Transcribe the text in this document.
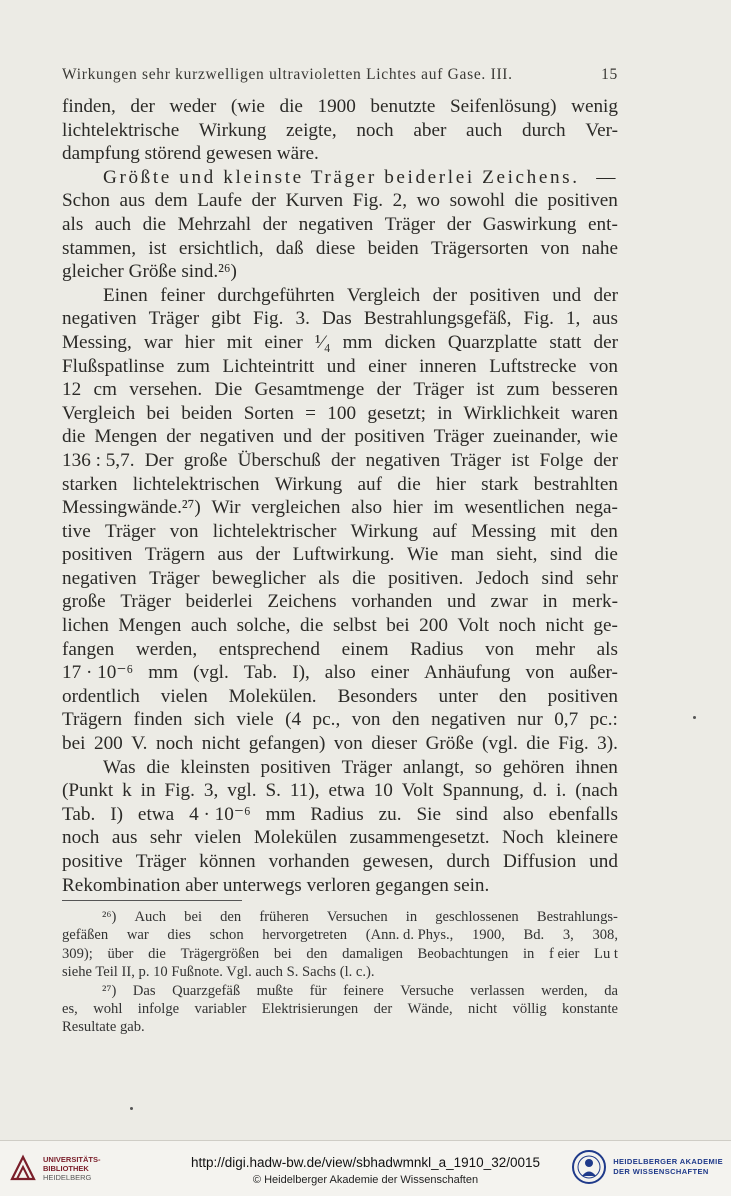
Wirkungen sehr kurzwelligen ultravioletten Lichtes auf Gase. III.	15
finden, der weder (wie die 1900 benutzte Seifenlösung) wenig
lichtelektrische Wirkung zeigte, noch aber auch durch Ver-
dampfung störend gewesen wäre.
Größte und kleinste Träger beiderlei Zeichens. —
Schon aus dem Laufe der Kurven Fig. 2, wo sowohl die positiven
als auch die Mehrzahl der negativen Träger der Gaswirkung ent-
stammen, ist ersichtlich, daß diese beiden Trägersorten von nahe
gleicher Größe sind.²⁶)
Einen feiner durchgeführten Vergleich der positiven und der
negativen Träger gibt Fig. 3. Das Bestrahlungsgefäß, Fig. 1, aus
Messing, war hier mit einer ¹⁄₄ mm dicken Quarzplatte statt der
Flußspatlinse zum Lichteintritt und einer inneren Luftstrecke von
12 cm versehen. Die Gesamtmenge der Träger ist zum besseren
Vergleich bei beiden Sorten = 100 gesetzt; in Wirklichkeit waren
die Mengen der negativen und der positiven Träger zueinander, wie
136 : 5,7. Der große Überschuß der negativen Träger ist Folge der
starken lichtelektrischen Wirkung auf die hier stark bestrahlten
Messingwände.²⁷) Wir vergleichen also hier im wesentlichen nega-
tive Träger von lichtelektrischer Wirkung auf Messing mit den
positiven Trägern aus der Luftwirkung. Wie man sieht, sind die
negativen Träger beweglicher als die positiven. Jedoch sind sehr
große Träger beiderlei Zeichens vorhanden und zwar in merk-
lichen Mengen auch solche, die selbst bei 200 Volt noch nicht ge-
fangen werden, entsprechend einem Radius von mehr als
17 · 10⁻⁶ mm (vgl. Tab. I), also einer Anhäufung von außer-
ordentlich vielen Molekülen. Besonders unter den positiven
Trägern finden sich viele (4 pc., von den negativen nur 0,7 pc.:
bei 200 V. noch nicht gefangen) von dieser Größe (vgl. die Fig. 3).
Was die kleinsten positiven Träger anlangt, so gehören ihnen
(Punkt k in Fig. 3, vgl. S. 11), etwa 10 Volt Spannung, d. i. (nach
Tab. I) etwa 4 · 10⁻⁶ mm Radius zu. Sie sind also ebenfalls
noch aus sehr vielen Molekülen zusammengesetzt. Noch kleinere
positive Träger können vorhanden gewesen, durch Diffusion und
Rekombination aber unterwegs verloren gegangen sein.
²⁶) Auch bei den früheren Versuchen in geschlossenen Bestrahlungs-
gefäßen war dies schon hervorgetreten (Ann. d. Phys., 1900, Bd. 3, 308,
309); über die Trägergrößen bei den damaligen Beobachtungen in f eier Lu t
siehe Teil II, p. 10 Fußnote. Vgl. auch S. Sachs (l. c.).
²⁷) Das Quarzgefäß mußte für feinere Versuche verlassen werden, da
es, wohl infolge variabler Elektrisierungen der Wände, nicht völlig konstante
Resultate gab.
UNIVERSITÄTS-
BIBLIOTHEK
HEIDELBERG
http://digi.hadw-bw.de/view/sbhadwmnkl_a_1910_32/0015
© Heidelberger Akademie der Wissenschaften
HEIDELBERGER AKADEMIE
DER WISSENSCHAFTEN
